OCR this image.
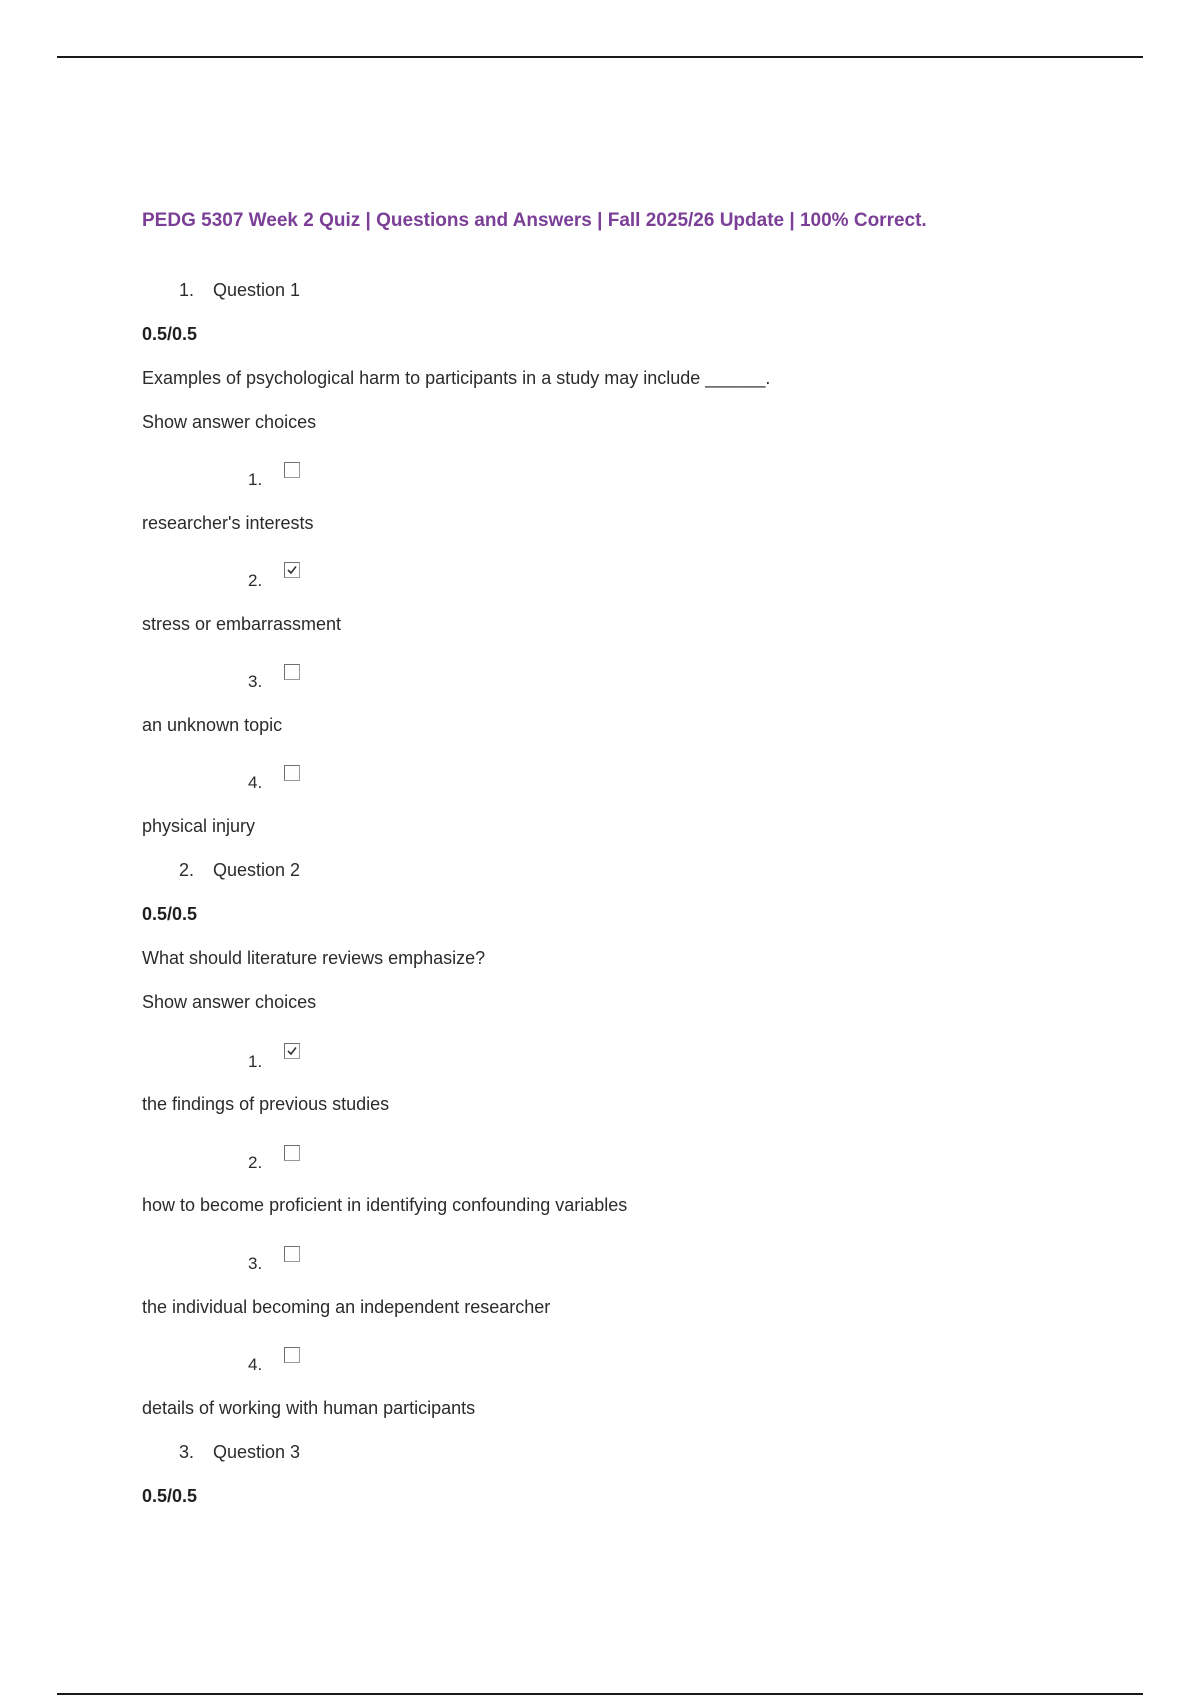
PEDG 5307 Week 2 Quiz | Questions and Answers | Fall 2025/26 Update | 100% Correct.
1. Question 1
0.5/0.5
Examples of psychological harm to participants in a study may include ______.
Show answer choices
1.
researcher's interests
2.
stress or embarrassment
3.
an unknown topic
4.
physical injury
2. Question 2
0.5/0.5
What should literature reviews emphasize?
Show answer choices
1.
the findings of previous studies
2.
how to become proficient in identifying confounding variables
3.
the individual becoming an independent researcher
4.
details of working with human participants
3. Question 3
0.5/0.5
